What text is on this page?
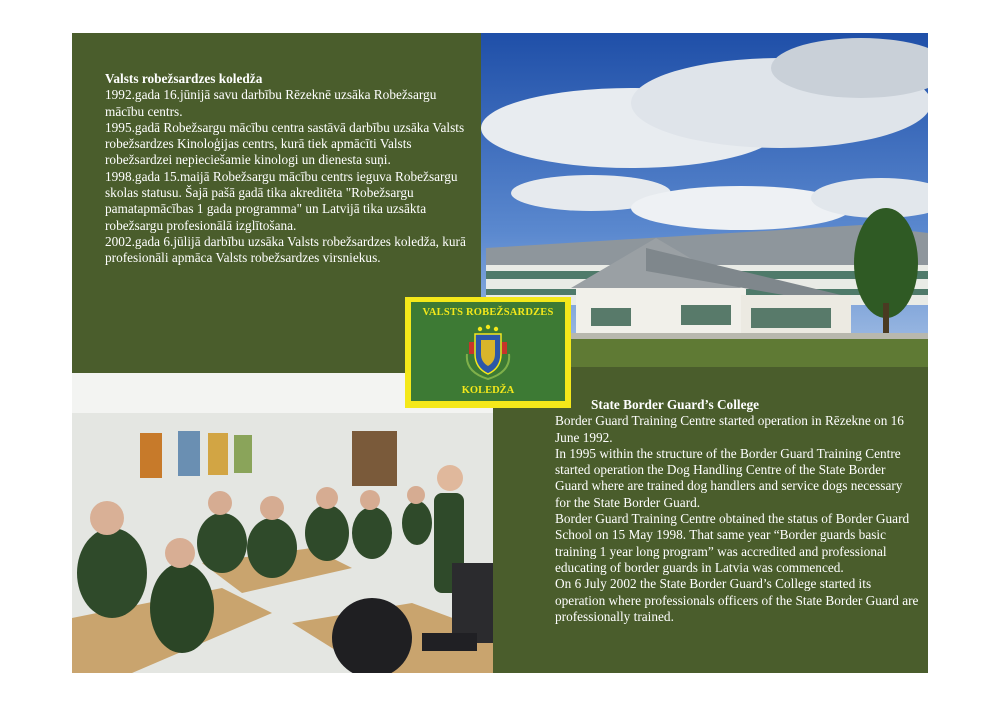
Valsts robežsardzes koledža

1992.gada 16.jūnijā savu darbību Rēzeknē uzsāka Robežsargu mācību centrs.

1995.gadā Robežsargu mācību centra sastāvā darbību uzsāka Valsts robežsardzes Kinoloģijas centrs, kurā tiek apmācīti Valsts robežsardzei nepieciešamie kinologi un dienesta suņi.

1998.gada 15.maijā Robežsargu mācību centrs ieguva Robežsargu skolas statusu. Šajā pašā gadā tika akreditēta "Robežsargu pamatapmācības 1 gada programma" un Latvijā tika uzsākta robežsargu profesionālā izglītošana.

2002.gada 6.jūlijā darbību uzsāka Valsts robežsardzes koledža, kurā profesionāli apmāca Valsts robežsardzes virsniekus.

VALSTS ROBEŽSARDZES
KOLEDŽA
State Border Guard’s College

Border Guard Training Centre started operation in Rēzekne on 16 June 1992.

In 1995 within the structure of the Border Guard Training Centre started operation the Dog Handling Centre of the State Border Guard where are trained dog handlers and service dogs necessary for the State Border Guard.

Border Guard Training Centre obtained the status of Border Guard School on 15 May 1998. That same year “Border guards basic training 1 year long program” was accredited and professional educating of border guards in Latvia was commenced.

On 6 July 2002 the State Border Guard’s College started its operation where professionals officers of the State Border Guard are professionally trained.
